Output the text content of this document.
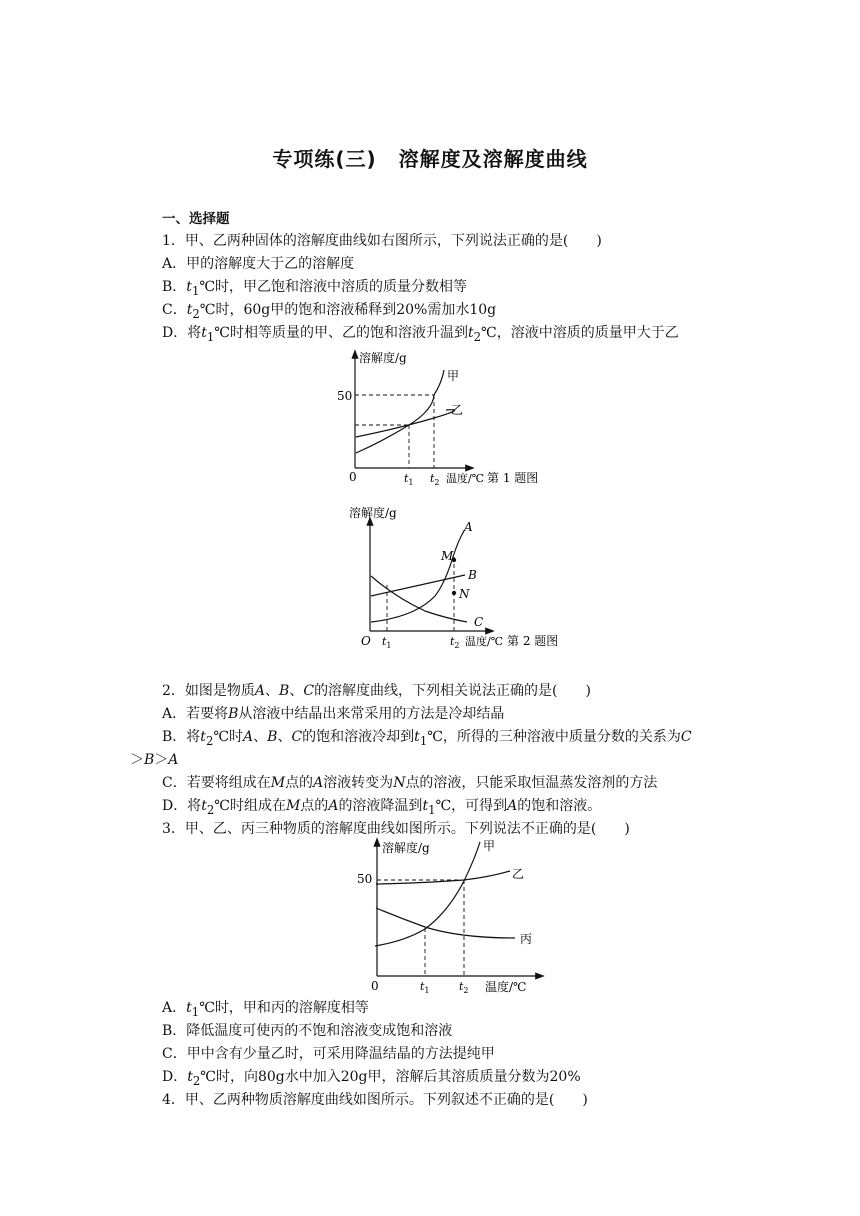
专项练(三) 溶解度及溶解度曲线
一、选择题
1．甲、乙两种固体的溶解度曲线如右图所示，下列说法正确的是(　　)
A．甲的溶解度大于乙的溶解度
B．$t_1℃$时，甲乙饱和溶液中溶质的质量分数相等
C．$t_2℃$时，60g甲的饱和溶液稀释到20%需加水10g
D．将$t_1℃$时相等质量的甲、乙的饱和溶液升温到$t_2℃$，溶液中溶质的质量甲大于乙
溶解度/g
50
0
甲
乙
$t_1$ $t_2$ 温度/℃ 第 1 题图
溶解度/g
O
A
B
C
M
N
$t_1$	$t_2$ 温度/℃ 第 2 题图
2．如图是物质A、B、C的溶解度曲线，下列相关说法正确的是(　　)
A．若要将B从溶液中结晶出来常采用的方法是冷却结晶
B．将$t_2℃$时A、B、C的饱和溶液冷却到$t_1℃$，所得的三种溶液中质量分数的关系为C
＞B＞A
C．若要将组成在M点的A溶液转变为N点的溶液，只能采取恒温蒸发溶剂的方法
D．将$t_2℃$时组成在M点的A的溶液降温到$t_1℃$，可得到A的饱和溶液。
3．甲、乙、丙三种物质的溶解度曲线如图所示。下列说法不正确的是(　　)
溶解度/g
50
0
甲
乙
丙
$t_1$	$t_2$ 温度/℃
A．$t_1℃$时，甲和丙的溶解度相等
B．降低温度可使丙的不饱和溶液变成饱和溶液
C．甲中含有少量乙时，可采用降温结晶的方法提纯甲
D．$t_2℃$时，向80g水中加入20g甲，溶解后其溶质质量分数为20%
4．甲、乙两种物质溶解度曲线如图所示。下列叙述不正确的是(　　)
